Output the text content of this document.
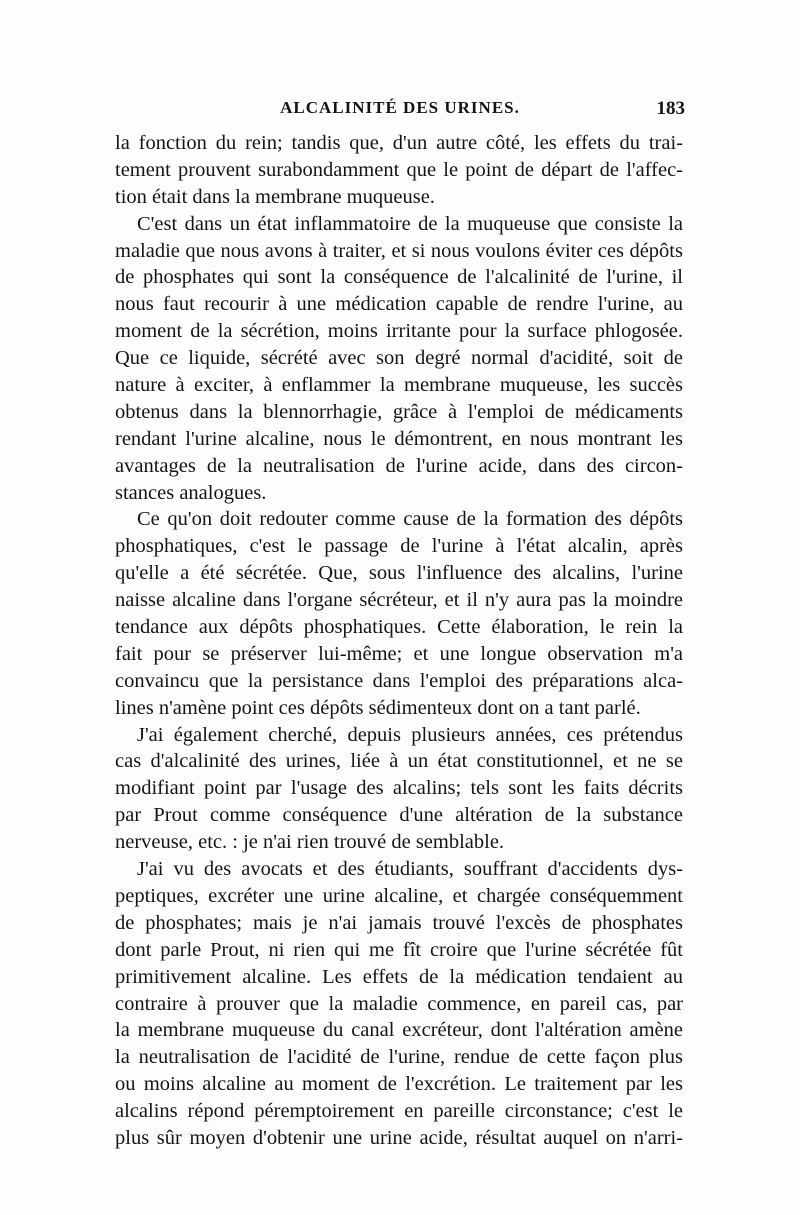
ALCALINITÉ DES URINES.	183
la fonction du rein; tandis que, d'un autre côté, les effets du trai-
tement prouvent surabondamment que le point de départ de l'affec-
tion était dans la membrane muqueuse.
C'est dans un état inflammatoire de la muqueuse que consiste la
maladie que nous avons à traiter, et si nous voulons éviter ces dépôts
de phosphates qui sont la conséquence de l'alcalinité de l'urine, il
nous faut recourir à une médication capable de rendre l'urine, au
moment de la sécrétion, moins irritante pour la surface phlogosée.
Que ce liquide, sécrété avec son degré normal d'acidité, soit de
nature à exciter, à enflammer la membrane muqueuse, les succès
obtenus dans la blennorrhagie, grâce à l'emploi de médicaments
rendant l'urine alcaline, nous le démontrent, en nous montrant les
avantages de la neutralisation de l'urine acide, dans des circon-
stances analogues.
Ce qu'on doit redouter comme cause de la formation des dépôts
phosphatiques, c'est le passage de l'urine à l'état alcalin, après
qu'elle a été sécrétée. Que, sous l'influence des alcalins, l'urine
naisse alcaline dans l'organe sécréteur, et il n'y aura pas la moindre
tendance aux dépôts phosphatiques. Cette élaboration, le rein la
fait pour se préserver lui-même; et une longue observation m'a
convaincu que la persistance dans l'emploi des préparations alca-
lines n'amène point ces dépôts sédimenteux dont on a tant parlé.
J'ai également cherché, depuis plusieurs années, ces prétendus
cas d'alcalinité des urines, liée à un état constitutionnel, et ne se
modifiant point par l'usage des alcalins; tels sont les faits décrits
par Prout comme conséquence d'une altération de la substance
nerveuse, etc. : je n'ai rien trouvé de semblable.
J'ai vu des avocats et des étudiants, souffrant d'accidents dys-
peptiques, excréter une urine alcaline, et chargée conséquemment
de phosphates; mais je n'ai jamais trouvé l'excès de phosphates
dont parle Prout, ni rien qui me fît croire que l'urine sécrétée fût
primitivement alcaline. Les effets de la médication tendaient au
contraire à prouver que la maladie commence, en pareil cas, par
la membrane muqueuse du canal excréteur, dont l'altération amène
la neutralisation de l'acidité de l'urine, rendue de cette façon plus
ou moins alcaline au moment de l'excrétion. Le traitement par les
alcalins répond péremptoirement en pareille circonstance; c'est le
plus sûr moyen d'obtenir une urine acide, résultat auquel on n'arri-
